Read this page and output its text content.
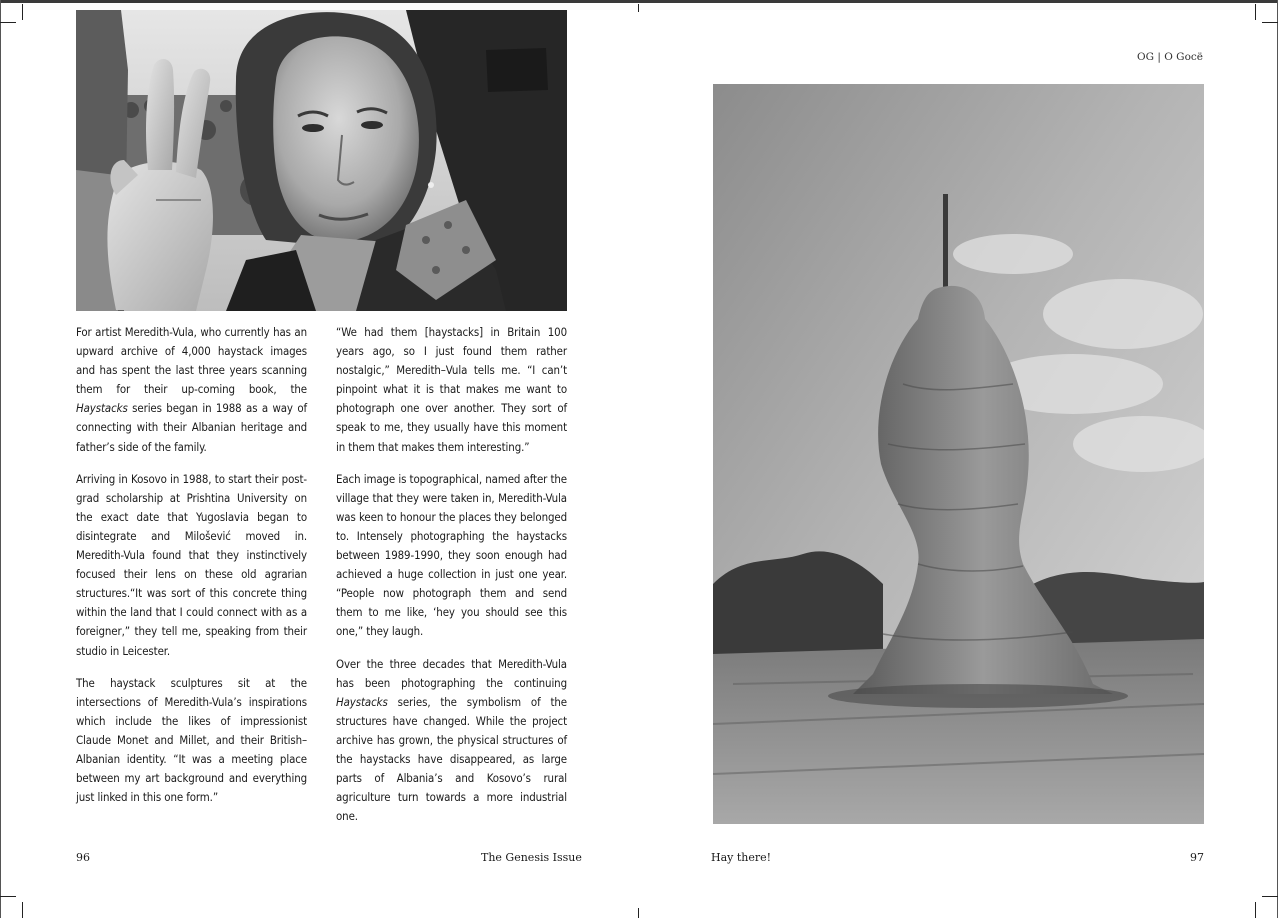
For artist Meredith-Vula, who currently has an upward archive of 4,000 haystack images and has spent the last three years scanning them for their up-coming book, the Haystacks series began in 1988 as a way of connecting with their Albanian heritage and father’s side of the family.

Arriving in Kosovo in 1988, to start their post-grad scholarship at Prishtina University on the exact date that Yugoslavia began to disintegrate and Milošević moved in. Meredith-Vula found that they instinctively focused their lens on these old agrarian structures.“It was sort of this concrete thing within the land that I could connect with as a foreigner,” they tell me, speaking from their studio in Leicester.

The haystack sculptures sit at the intersections of Meredith-Vula’s inspirations which include the likes of impressionist Claude Monet and Millet, and their British–Albanian identity. “It was a meeting place between my art background and everything just linked in this one form.”

“We had them [haystacks] in Britain 100 years ago, so I just found them rather nostalgic,” Meredith–Vula tells me. “I can’t pinpoint what it is that makes me want to photograph one over another. They sort of speak to me, they usually have this moment in them that makes them interesting.”

Each image is topographical, named after the village that they were taken in, Meredith-Vula was keen to honour the places they belonged to. Intensely photographing the haystacks between 1989-1990, they soon enough had achieved a huge collection in just one year. “People now photograph them and send them to me like, ‘hey you should see this one,” they laugh.

Over the three decades that Meredith-Vula has been photographing the continuing Haystacks series, the symbolism of the structures have changed. While the project archive has grown, the physical structures of the haystacks have disappeared, as large parts of Albania’s and Kosovo’s rural agriculture turn towards a more industrial one.

96	The Genesis Issue
OG | O Gocë
Hay there!	97
